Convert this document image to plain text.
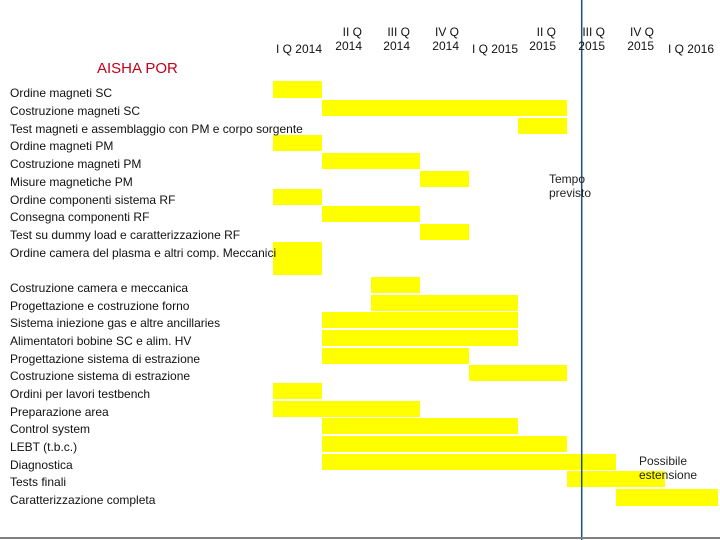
AISHA POR
I Q 2014
II Q
2014
III Q
2014
IV Q
2014 I Q 2015
II Q
2015
III Q
2015
IV Q
2015 I Q 2016
Ordine magneti SC
Costruzione magneti SC
Test magneti e assemblaggio con PM e corpo sorgente
Ordine magneti PM
Costruzione magneti PM
Misure magnetiche PM
Ordine componenti sistema RF
Consegna componenti RF
Test su dummy load e caratterizzazione RF
Ordine camera del plasma e altri comp. Meccanici
Costruzione camera e meccanica
Progettazione e costruzione forno
Sistema iniezione gas e altre ancillaries
Alimentatori bobine SC e alim. HV
Progettazione sistema di estrazione
Costruzione sistema di estrazione
Ordini per lavori testbench
Preparazione area
Control system
LEBT (t.b.c.)
Diagnostica
Tests finali
Caratterizzazione completa
Tempo
previsto
Possibile
estensione
